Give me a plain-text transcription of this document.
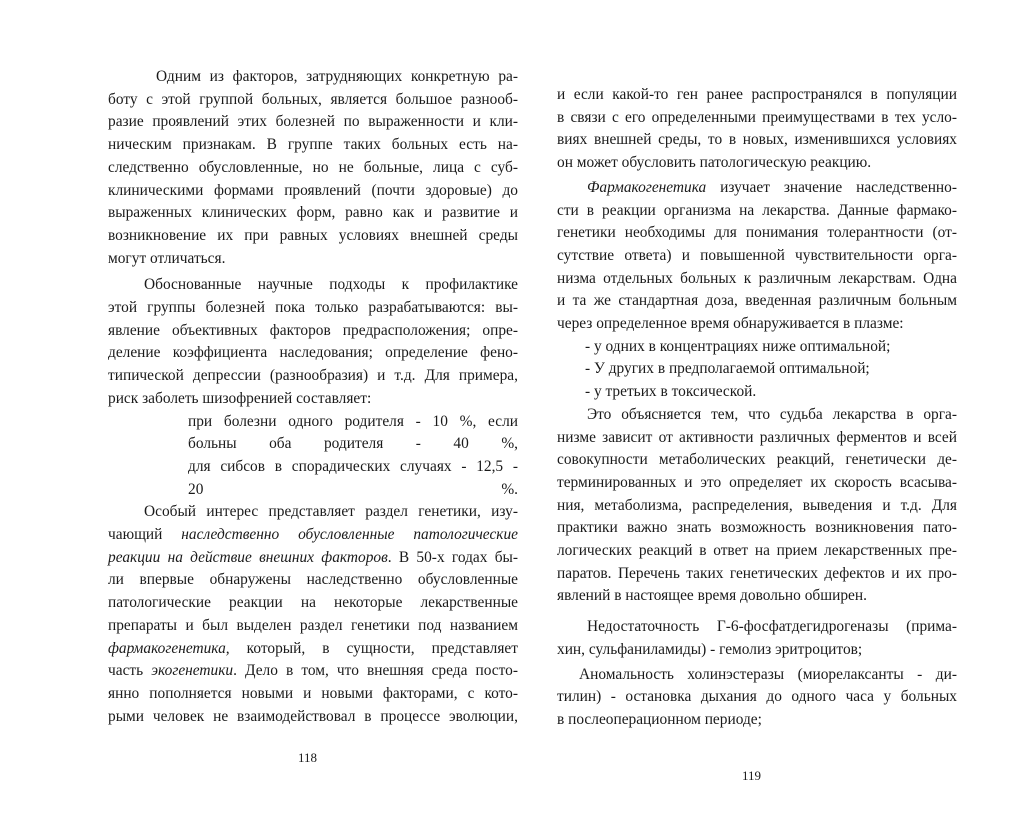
Одним из факторов, затрудняющих конкретную ра-

боту с этой группой больных, является большое разнооб-

разие проявлений этих болезней по выраженности и кли-

ническим признакам. В группе таких больных есть на-

следственно обусловленные, но не больные, лица с суб-

клиническими формами проявлений (почти здоровые) до

выраженных клинических форм, равно как и развитие и

возникновение их при равных условиях внешней среды

могут отличаться.

Обоснованные научные подходы к профилактике

этой группы болезней пока только разрабатываются: вы-

явление объективных факторов предрасположения; опре-

деление коэффициента наследования; определение фено-

типической депрессии (разнообразия) и т.д. Для примера,

риск заболеть шизофренией составляет:

при болезни одного родителя - 10 %, если

больны оба родителя - 40 %,

для сибсов в спорадических случаях - 12,5 -

20 %.

Особый интерес представляет раздел генетики, изу-

чающий наследственно обусловленные патологические

реакции на действие внешних факторов. В 50-х годах бы-

ли впервые обнаружены наследственно обусловленные

патологические реакции на некоторые лекарственные

препараты и был выделен раздел генетики под названием

фармакогенетика, который, в сущности, представляет

часть экогенетики. Дело в том, что внешняя среда посто-

янно пополняется новыми и новыми факторами, с кото-

рыми человек не взаимодействовал в процессе эволюции,

118

и если какой-то ген ранее распространялся в популяции

в связи с его определенными преимуществами в тех усло-

виях внешней среды, то в новых, изменившихся условиях

он может обусловить патологическую реакцию.

Фармакогенетика изучает значение наследственно-

сти в реакции организма на лекарства. Данные фармако-

генетики необходимы для понимания толерантности (от-

сутствие ответа) и повышенной чувствительности орга-

низма отдельных больных к различным лекарствам. Одна

и та же стандартная доза, введенная различным больным

через определенное время обнаруживается в плазме:

- у одних в концентрациях ниже оптимальной;

- У других в предполагаемой оптимальной;

- у третьих в токсической.

Это объясняется тем, что судьба лекарства в орга-

низме зависит от активности различных ферментов и всей

совокупности метаболических реакций, генетически де-

терминированных и это определяет их скорость всасыва-

ния, метаболизма, распределения, выведения и т.д. Для

практики важно знать возможность возникновения пато-

логических реакций в ответ на прием лекарственных пре-

паратов. Перечень таких генетических дефектов и их про-

явлений в настоящее время довольно обширен.

Недостаточность Г-6-фосфатдегидрогеназы (прима-

хин, сульфаниламиды) - гемолиз эритроцитов;

Аномальность холинэстеразы (миорелаксанты - ди-

тилин) - остановка дыхания до одного часа у больных

в послеоперационном периоде;

119
